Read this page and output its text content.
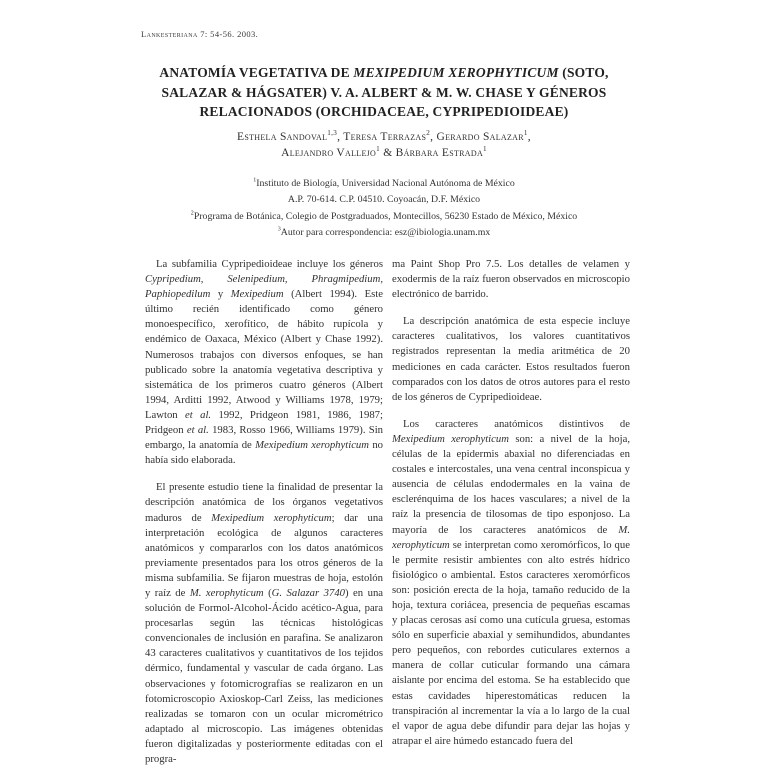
Lankesteriana 7: 54-56. 2003.
ANATOMÍA VEGETATIVA DE MEXIPEDIUM XEROPHYTICUM (SOTO,
SALAZAR & HÁGSATER) V. A. ALBERT & M. W. CHASE Y GÉNEROS
RELACIONADOS (ORCHIDACEAE, CYPRIPEDIOIDEAE)
Esthela Sandoval$^{1,3}$, Teresa Terrazas$^2$, Gerardo Salazar$^1$,
Alejandro Vallejo$^1$ & Bárbara Estrada$^1$
$^1$Instituto de Biología, Universidad Nacional Autónoma de México
A.P. 70-614. C.P. 04510. Coyoacán, D.F. México
$^2$Programa de Botánica, Colegio de Postgraduados, Montecillos, 56230 Estado de México, México
$^3$Autor para correspondencia: esz@ibiologia.unam.mx

La subfamilia Cypripedioideae incluye los géneros Cypripedium, Selenipedium, Phragmipedium, Paphiopedilum y Mexipedium (Albert 1994). Este último recién identificado como género monoespecífico, xerofítico, de hábito rupícola y endémico de Oaxaca, México (Albert y Chase 1992). Numerosos trabajos con diversos enfoques, se han publicado sobre la anatomía vegetativa descriptiva y sistemática de los primeros cuatro géneros (Albert 1994, Arditti 1992, Atwood y Williams 1978, 1979; Lawton et al. 1992, Pridgeon 1981, 1986, 1987; Pridgeon et al. 1983, Rosso 1966, Williams 1979). Sin embargo, la anatomía de Mexipedium xerophyticum no había sido elaborada.

El presente estudio tiene la finalidad de presentar la descripción anatómica de los órganos vegetativos maduros de Mexipedium xerophyticum; dar una interpretación ecológica de algunos caracteres anatómicos y compararlos con los datos anatómicos previamente presentados para los otros géneros de la misma subfamilia. Se fijaron muestras de hoja, estolón y raíz de M. xerophyticum (G. Salazar 3740) en una solución de Formol-Alcohol-Ácido acético-Agua, para procesarlas según las técnicas histológicas convencionales de inclusión en parafina. Se analizaron 43 caracteres cualitativos y cuantitativos de los tejidos dérmico, fundamental y vascular de cada órgano. Las observaciones y fotomicrografías se realizaron en un fotomicroscopio Axioskop-Carl Zeiss, las mediciones realizadas se tomaron con un ocular micrométrico adaptado al microscopio. Las imágenes obtenidas fueron digitalizadas y posteriormente editadas con el progra-

ma Paint Shop Pro 7.5. Los detalles de velamen y exodermis de la raíz fueron observados en microscopio electrónico de barrido.

La descripción anatómica de esta especie incluye caracteres cualitativos, los valores cuantitativos registrados representan la media aritmética de 20 mediciones en cada carácter. Estos resultados fueron comparados con los datos de otros autores para el resto de los géneros de Cypripedioideae.

Los caracteres anatómicos distintivos de Mexipedium xerophyticum son: a nivel de la hoja, células de la epidermis abaxial no diferenciadas en costales e intercostales, una vena central inconspicua y ausencia de células endodermales en la vaina de esclerénquima de los haces vasculares; a nivel de la raíz la presencia de tilosomas de tipo esponjoso. La mayoría de los caracteres anatómicos de M. xerophyticum se interpretan como xeromórficos, lo que le permite resistir ambientes con alto estrés hídrico fisiológico o ambiental. Estos caracteres xeromórficos son: posición erecta de la hoja, tamaño reducido de la hoja, textura coriácea, presencia de pequeñas escamas y placas cerosas así como una cutícula gruesa, estomas sólo en superficie abaxial y semihundidos, abundantes pero pequeños, con rebordes cuticulares externos a manera de collar cuticular formando una cámara aislante por encima del estoma. Se ha establecido que estas cavidades hiperestomáticas reducen la transpiración al incrementar la vía a lo largo de la cual el vapor de agua debe difundir para dejar las hojas y atrapar el aire húmedo estancado fuera del
